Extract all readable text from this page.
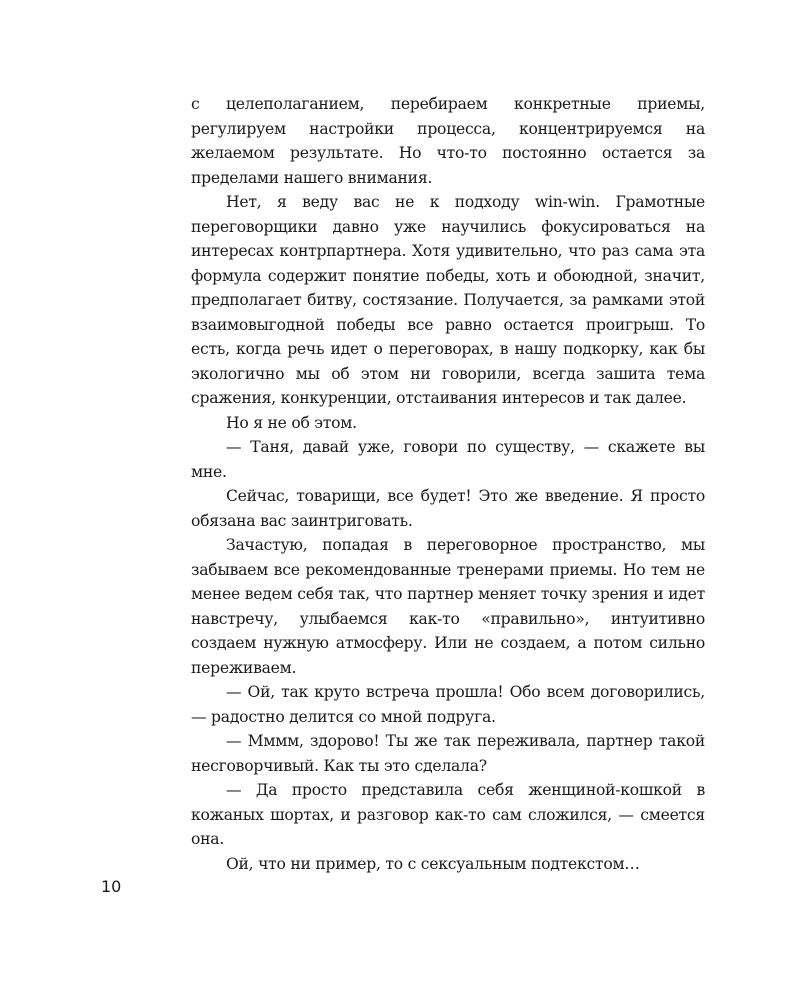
с целеполаганием, перебираем конкретные приемы, регулируем настройки процесса, концентрируемся на желаемом результате. Но что-то постоянно остается за пределами нашего внимания.

Нет, я веду вас не к подходу win-win. Грамотные переговорщики давно уже научились фокусироваться на интересах контрпартнера. Хотя удивительно, что раз сама эта формула содержит понятие победы, хоть и обоюдной, значит, предполагает битву, состязание. Получается, за рамками этой взаимовыгодной победы все равно остается проигрыш. То есть, когда речь идет о переговорах, в нашу подкорку, как бы экологично мы об этом ни говорили, всегда зашита тема сражения, конкуренции, отстаивания интересов и так далее.

Но я не об этом.

— Таня, давай уже, говори по существу, — скажете вы мне.

Сейчас, товарищи, все будет! Это же введение. Я просто обязана вас заинтриговать.

Зачастую, попадая в переговорное пространство, мы забываем все рекомендованные тренерами приемы. Но тем не менее ведем себя так, что партнер меняет точку зрения и идет навстречу, улыбаемся как-то «правильно», интуитивно создаем нужную атмосферу. Или не создаем, а потом сильно переживаем.

— Ой, так круто встреча прошла! Обо всем договорились, — радостно делится со мной подруга.

— Мммм, здорово! Ты же так переживала, партнер такой несговорчивый. Как ты это сделала?

— Да просто представила себя женщиной-кошкой в кожаных шортах, и разговор как-то сам сложился, — смеется она.

Ой, что ни пример, то с сексуальным подтекстом…

10
